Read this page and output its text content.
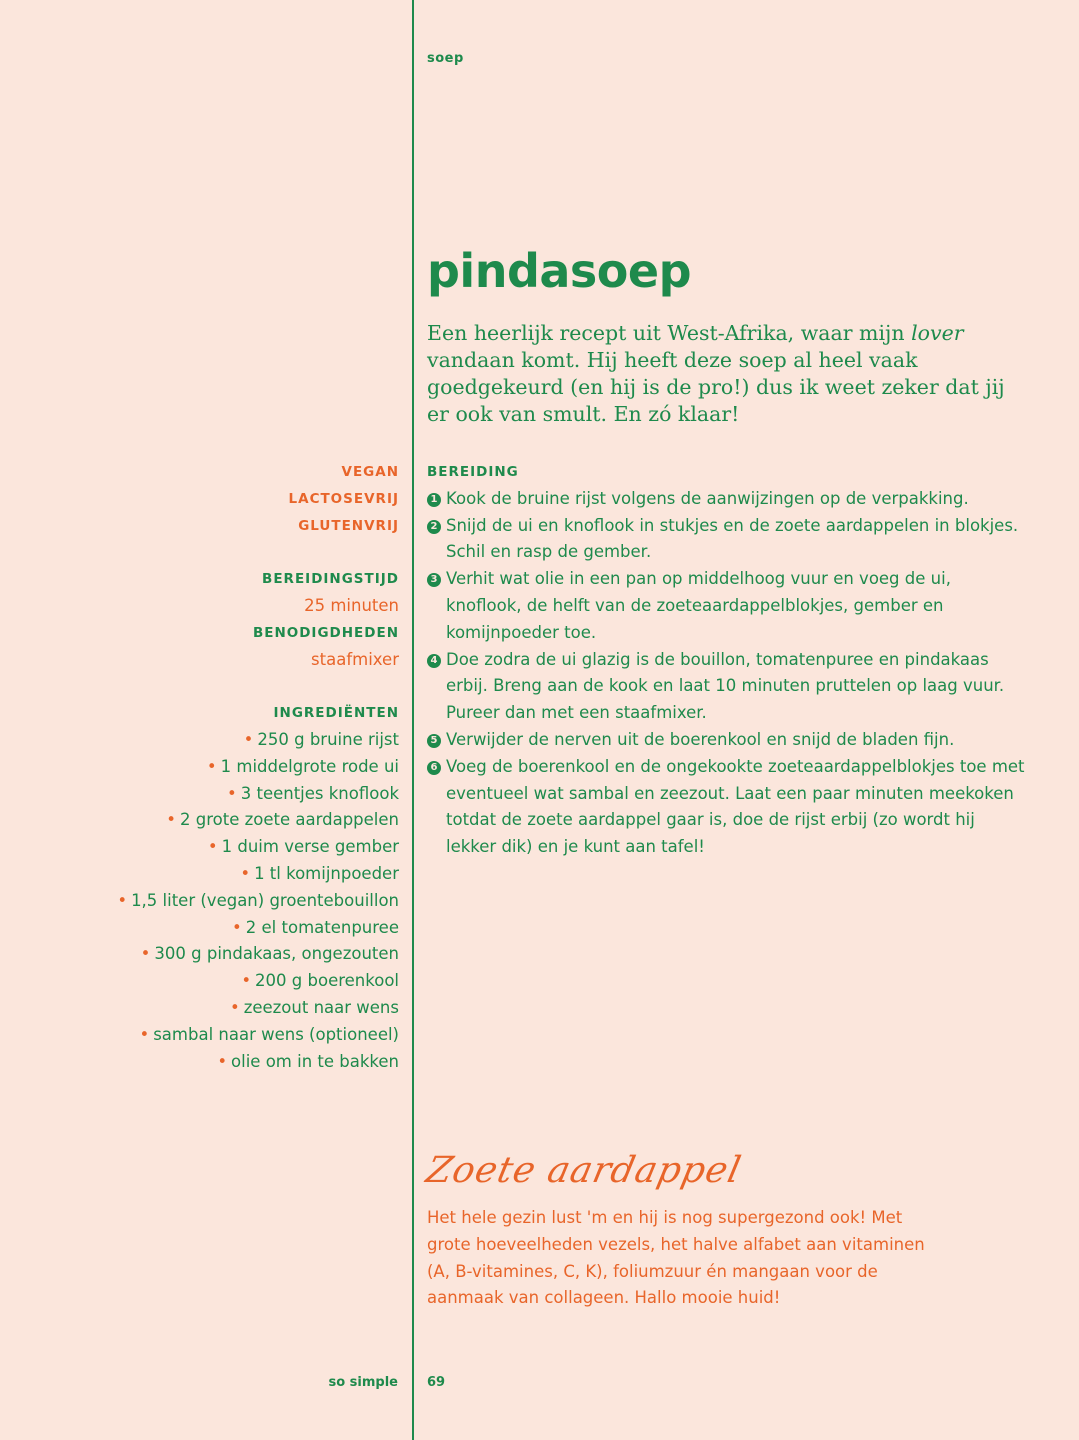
soep
pindasoep

Een heerlijk recept uit West-Afrika, waar mijn lover vandaan komt. Hij heeft deze soep al heel vaak goedgekeurd (en hij is de pro!) dus ik weet zeker dat jij er ook van smult. En zó klaar!

VEGAN
LACTOSEVRIJ
GLUTENVRIJ
BEREIDINGSTIJD
25 minuten
BENODIGDHEDEN
staafmixer
INGREDIËNTEN
• 250 g bruine rijst
• 1 middelgrote rode ui
• 3 teentjes knoflook
• 2 grote zoete aardappelen
• 1 duim verse gember
• 1 tl komijnpoeder
• 1,5 liter (vegan) groentebouillon
• 2 el tomatenpuree
• 300 g pindakaas, ongezouten
• 200 g boerenkool
• zeezout naar wens
• sambal naar wens (optioneel)
• olie om in te bakken
BEREIDING
1 Kook de bruine rijst volgens de aanwijzingen op de verpakking.
2 Snijd de ui en knoflook in stukjes en de zoete aardappelen in blokjes. Schil en rasp de gember.
3 Verhit wat olie in een pan op middelhoog vuur en voeg de ui, knoflook, de helft van de zoeteaardappelblokjes, gember en komijnpoeder toe.
4 Doe zodra de ui glazig is de bouillon, tomatenpuree en pindakaas erbij. Breng aan de kook en laat 10 minuten pruttelen op laag vuur. Pureer dan met een staafmixer.
5 Verwijder de nerven uit de boerenkool en snijd de bladen fijn.
6 Voeg de boerenkool en de ongekookte zoeteaardappelblokjes toe met eventueel wat sambal en zeezout. Laat een paar minuten meekoken totdat de zoete aardappel gaar is, doe de rijst erbij (zo wordt hij lekker dik) en je kunt aan tafel!
Zoete aardappel

Het hele gezin lust 'm en hij is nog supergezond ook! Met grote hoeveelheden vezels, het halve alfabet aan vitaminen (A, B-vitamines, C, K), foliumzuur én mangaan voor de aanmaak van collageen. Hallo mooie huid!

so simple 69
